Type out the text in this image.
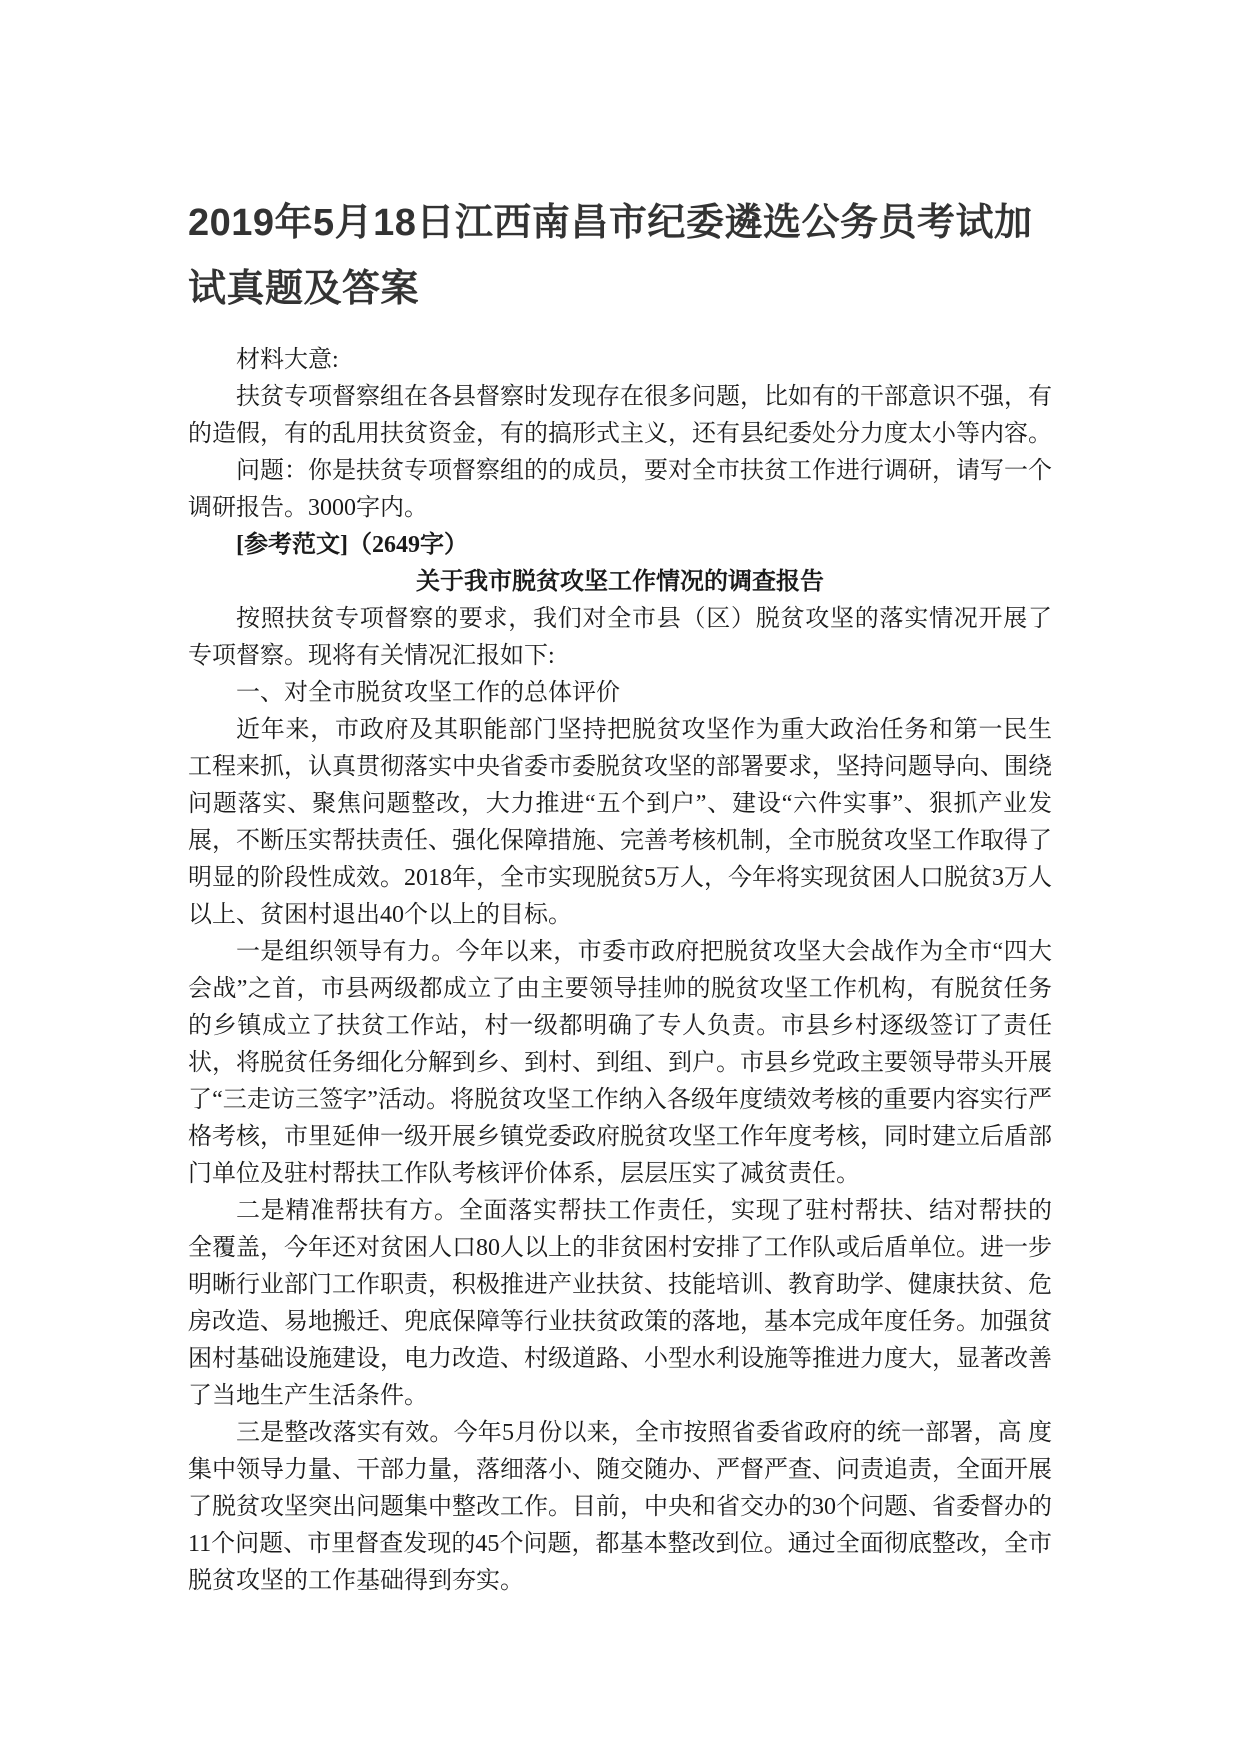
2019年5月18日江西南昌市纪委遴选公务员考试加试真题及答案

材料大意:

扶贫专项督察组在各县督察时发现存在很多问题，比如有的干部意识不强，有的造假，有的乱用扶贫资金，有的搞形式主义，还有县纪委处分力度太小等内容。

问题：你是扶贫专项督察组的的成员，要对全市扶贫工作进行调研，请写一个调研报告。3000字内。

[参考范文]（2649字）

关于我市脱贫攻坚工作情况的调查报告

按照扶贫专项督察的要求，我们对全市县（区）脱贫攻坚的落实情况开展了 专项督察。现将有关情况汇报如下:

一、对全市脱贫攻坚工作的总体评价

近年来，市政府及其职能部门坚持把脱贫攻坚作为重大政治任务和第一民生 工程来抓，认真贯彻落实中央省委市委脱贫攻坚的部署要求，坚持问题导向、围绕问题落实、聚焦问题整改，大力推进“五个到户”、建设“六件实事”、狠抓产业发展，不断压实帮扶责任、强化保障措施、完善考核机制，全市脱贫攻坚工作取得了明显的阶段性成效。2018年，全市实现脱贫5万人，今年将实现贫困人口脱贫3万人以上、贫困村退出40个以上的目标。

一是组织领导有力。今年以来，市委市政府把脱贫攻坚大会战作为全市“四大会战”之首，市县两级都成立了由主要领导挂帅的脱贫攻坚工作机构，有脱贫任务的乡镇成立了扶贫工作站，村一级都明确了专人负责。市县乡村逐级签订了责任状，将脱贫任务细化分解到乡、到村、到组、到户。市县乡党政主要领导带头开展了“三走访三签字”活动。将脱贫攻坚工作纳入各级年度绩效考核的重要内容实行严格考核，市里延伸一级开展乡镇党委政府脱贫攻坚工作年度考核，同时建立后盾部门单位及驻村帮扶工作队考核评价体系，层层压实了减贫责任。

二是精准帮扶有方。全面落实帮扶工作责任，实现了驻村帮扶、结对帮扶的 全覆盖，今年还对贫困人口80人以上的非贫困村安排了工作队或后盾单位。进一步明晰行业部门工作职责，积极推进产业扶贫、技能培训、教育助学、健康扶贫、危房改造、易地搬迁、兜底保障等行业扶贫政策的落地，基本完成年度任务。加强贫困村基础设施建设，电力改造、村级道路、小型水利设施等推进力度大，显著改善了当地生产生活条件。

三是整改落实有效。今年5月份以来，全市按照省委省政府的统一部署，高 度集中领导力量、干部力量，落细落小、随交随办、严督严查、问责追责，全面开展了脱贫攻坚突出问题集中整改工作。目前，中央和省交办的30个问题、省委督办的11个问题、市里督查发现的45个问题，都基本整改到位。通过全面彻底整改，全市脱贫攻坚的工作基础得到夯实。
